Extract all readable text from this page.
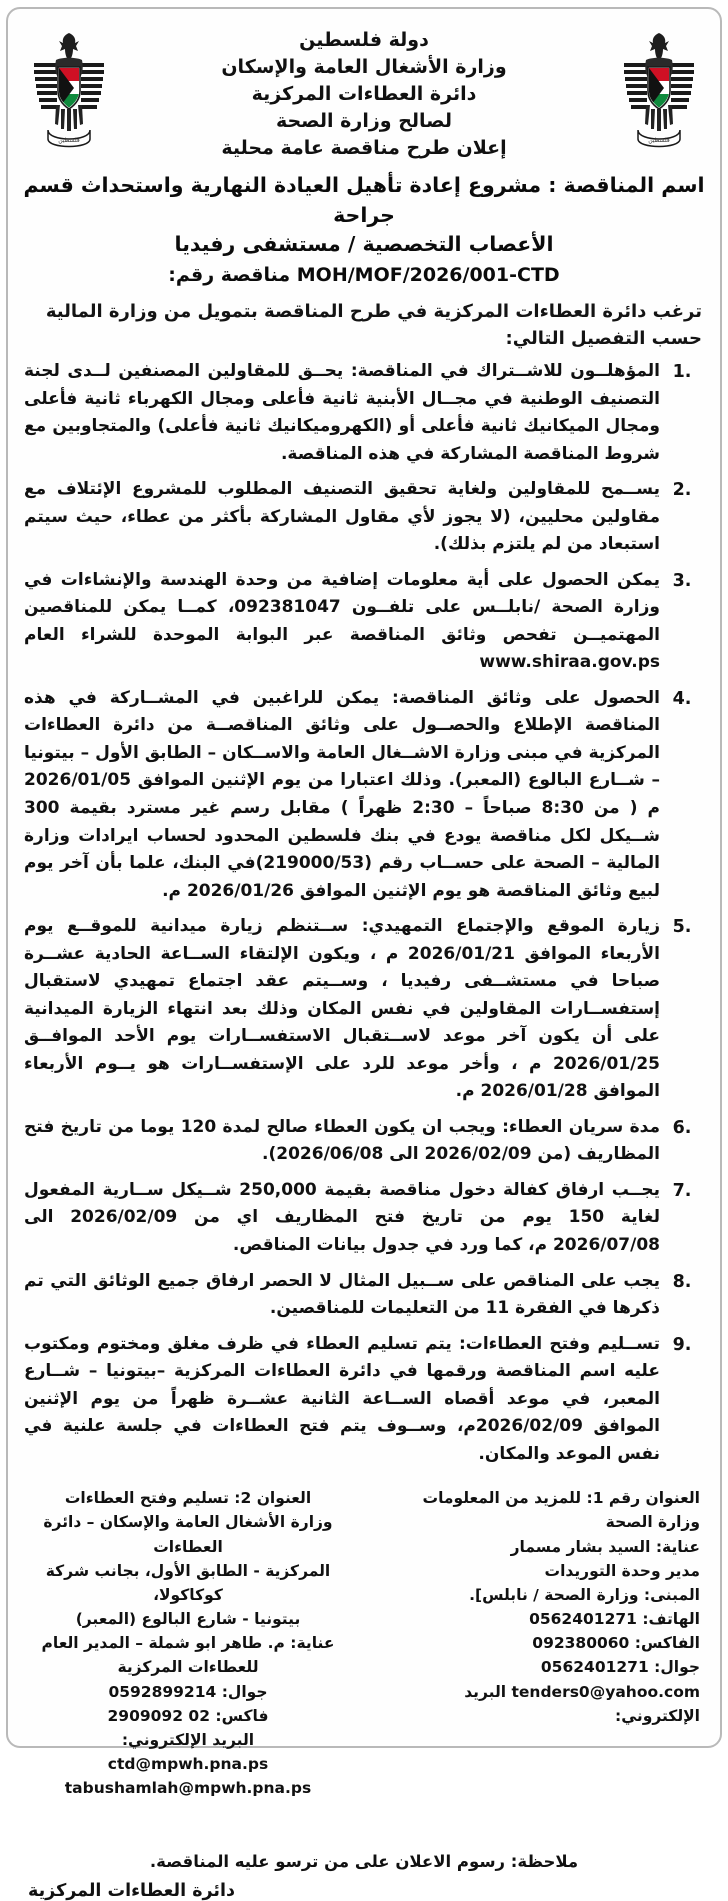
فلسطين
فلسطين
دولة فلسطين
وزارة الأشغال العامة والإسكان
دائرة العطاءات المركزية
لصالح وزارة الصحة
إعلان طرح مناقصة عامة محلية
اسم المناقصة : مشروع إعادة تأهيل العيادة النهارية واستحداث قسم جراحة
الأعصاب التخصصية / مستشفى رفيديا
MOH/MOF/2026/001-CTD مناقصة رقم:
ترغب دائرة العطاءات المركزية في طرح المناقصة بتمويل من وزارة المالية حسب التفصيل التالي:
1.
المؤهلــون للاشــتراك في المناقصة: يحــق للمقاولين المصنفين لــدى لجنة التصنيف الوطنية في مجــال الأبنية ثانية فأعلى ومجال الكهرباء ثانية فأعلى ومجال الميكانيك ثانية فأعلى أو (الكهروميكانيك ثانية فأعلى) والمتجاوبين مع شروط المناقصة المشاركة في هذه المناقصة.
2.
يســمح للمقاولين ولغاية تحقيق التصنيف المطلوب للمشروع الإئتلاف مع مقاولين محليين، (لا يجوز لأي مقاول المشاركة بأكثر من عطاء، حيث سيتم استبعاد من لم يلتزم بذلك).
3.
يمكن الحصول على أية معلومات إضافية من وحدة الهندسة والإنشاءات في وزارة الصحة /نابلــس على تلفــون 092381047، كمــا يمكن للمناقصين المهتميــن تفحص وثائق المناقصة عبر البوابة الموحدة للشراء العام www.shiraa.gov.ps
4.
الحصول على وثائق المناقصة: يمكن للراغبين في المشــاركة في هذه المناقصة الإطلاع والحصــول على وثائق المناقصــة من دائرة العطاءات المركزية في مبنى وزارة الاشــغال العامة والاســكان – الطابق الأول – بيتونيا – شــارع البالوع (المعبر). وذلك اعتبارا من يوم الإثنين الموافق 2026/01/05 م ( من 8:30 صباحاً – 2:30 ظهراً ) مقابل رسم غير مسترد بقيمة 300 شــيكل لكل مناقصة يودع في بنك فلسطين المحدود لحساب ايرادات وزارة المالية – الصحة على حســاب رقم (219000/53)في البنك، علما بأن آخر يوم لبيع وثائق المناقصة هو يوم الإثنين الموافق 2026/01/26 م.
5.
زيارة الموقع والإجتماع التمهيدي: ســتنظم زيارة ميدانية للموقــع يوم الأربعاء الموافق 2026/01/21 م ، ويكون الإلتقاء الســاعة الحادية عشــرة صباحا في مستشــفى رفيديا ، وســيتم عقد اجتماع تمهيدي لاستقبال إستفســارات المقاولين في نفس المكان وذلك بعد انتهاء الزيارة الميدانية على أن يكون آخر موعد لاســتقبال الاستفســارات يوم الأحد الموافــق 2026/01/25 م ، وأخر موعد للرد على الإستفســارات هو يــوم الأربعاء الموافق 2026/01/28 م.
6.
مدة سريان العطاء: ويجب ان يكون العطاء صالح لمدة 120 يوما من تاريخ فتح المظاريف (من 2026/02/09 الى 2026/06/08).
7.
يجــب ارفاق كفالة دخول مناقصة بقيمة 250,000 شــيكل ســارية المفعول لغاية 150 يوم من تاريخ فتح المظاريف اي من 2026/02/09 الى 2026/07/08 م، كما ورد في جدول بيانات المناقص.
8.
يجب على المناقص على ســبيل المثال لا الحصر ارفاق جميع الوثائق التي تم ذكرها في الفقرة 11 من التعليمات للمناقصين.
9.
تســليم وفتح العطاءات: يتم تسليم العطاء في ظرف مغلق ومختوم ومكتوب عليه اسم المناقصة ورقمها في دائرة العطاءات المركزية –بيتونيا – شــارع المعبر، في موعد أقصاه الســاعة الثانية عشــرة ظهراً من يوم الإثنين الموافق 2026/02/09م، وســوف يتم فتح العطاءات في جلسة علنية في نفس الموعد والمكان.
العنوان رقم 1: للمزيد من المعلومات
وزارة الصحة
عناية: السيد بشار مسمار
مدير وحدة التوريدات
المبنى: وزارة الصحة / نابلس].
الهاتف: 0562401271
الفاكس: 092380060
جوال: 0562401271
tenders0@yahoo.com البريد الإلكتروني:
العنوان 2: تسليم وفتح العطاءات
وزارة الأشغال العامة والإسكان – دائرة العطاءات
المركزية - الطابق الأول، بجانب شركة كوكاكولا،
بيتونيا - شارع البالوع (المعبر)
عناية: م. طاهر ابو شملة – المدير العام للعطاءات المركزية
جوال: 0592899214
فاكس: 02 2909092
البريد الإلكتروني:
ctd@mpwh.pna.ps
tabushamlah@mpwh.pna.ps
ملاحظة: رسوم الاعلان على من ترسو عليه المناقصة.
دائرة العطاءات المركزية
